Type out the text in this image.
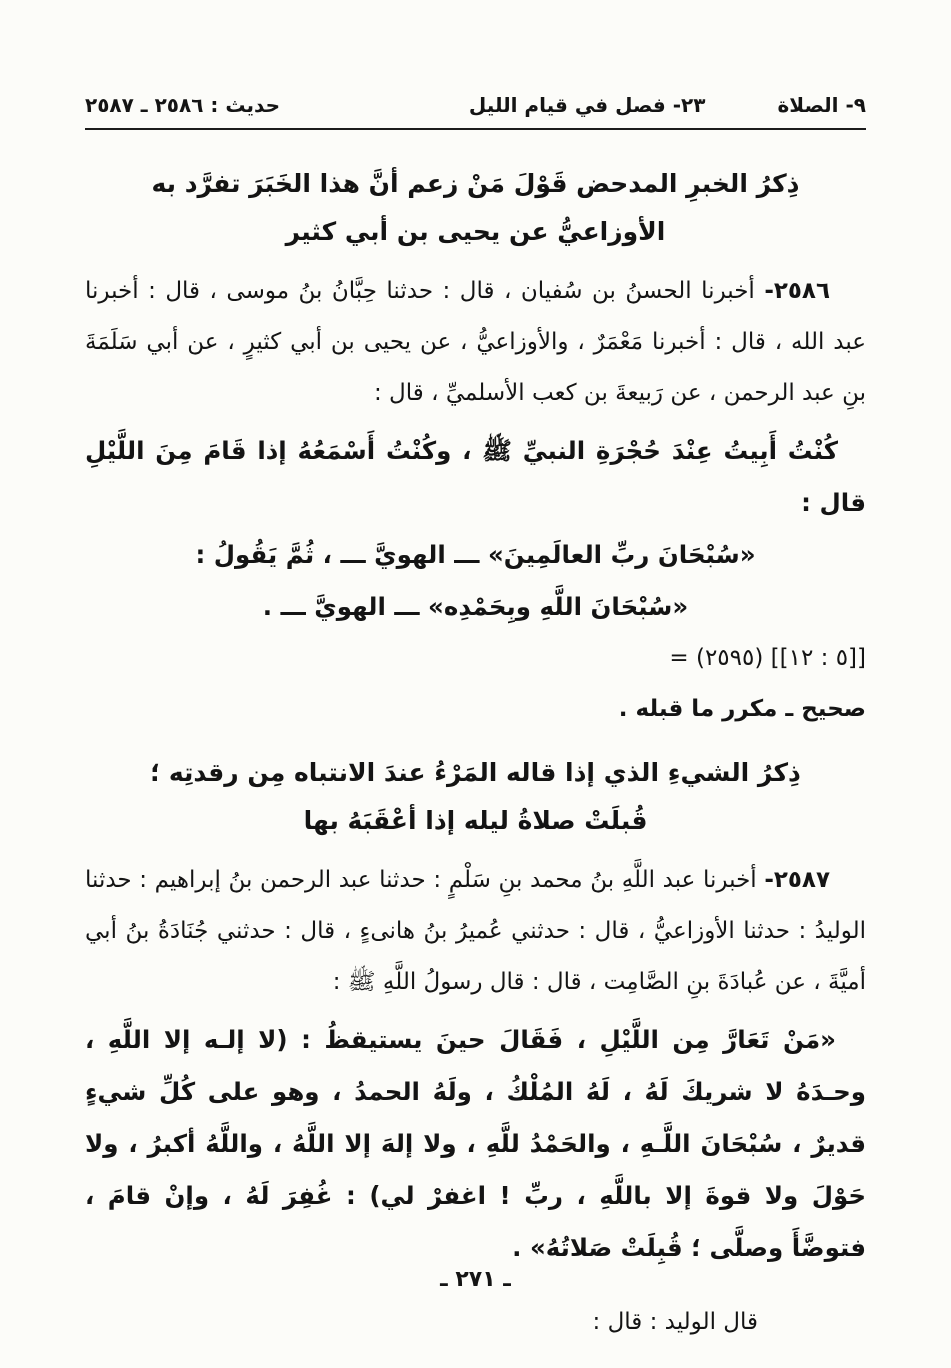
٩- الصلاة
٢٣- فصل في قيام الليل
حديث : ٢٥٨٦ ـ ٢٥٨٧
ذِكرُ الخبرِ المدحض قَوْلَ مَنْ زعم أنَّ هذا الخَبَرَ تفرَّد به
الأوزاعيُّ عن يحيى بن أبي كثير

٢٥٨٦- أخبرنا الحسنُ بن سُفيان ، قال : حدثنا حِبَّانُ بنُ موسى ، قال : أخبرنا عبد الله ، قال : أخبرنا مَعْمَرٌ ، والأوزاعيُّ ، عن يحيى بن أبي كثيرٍ ، عن أبي سَلَمَةَ بنِ عبد الرحمن ، عن رَبيعةَ بن كعب الأسلميِّ ، قال :

كُنْتُ أَبِيتُ عِنْدَ حُجْرَةِ النبيِّ ﷺ ، وكُنْتُ أَسْمَعُهُ إذا قَامَ مِنَ اللَّيْلِ قال :
«سُبْحَانَ ربِّ العالَمِينَ» ـــ الهويَّ ـــ ، ثُمَّ يَقُولُ :
«سُبْحَانَ اللَّهِ وبِحَمْدِه» ـــ الهويَّ ـــ .
[[٥ : ١٢]] (٢٥٩٥) =
صحيح ـ مكرر ما قبله .
ذِكرُ الشيءِ الذي إذا قاله المَرْءُ عندَ الانتباه مِن رقدتِه ؛
قُبلَتْ صلاةُ ليله إذا أعْقَبَهُ بها

٢٥٨٧- أخبرنا عبد اللَّهِ بنُ محمد بنِ سَلْمٍ : حدثنا عبد الرحمن بنُ إبراهيم : حدثنا الوليدُ : حدثنا الأوزاعيُّ ، قال : حدثني عُميرُ بنُ هانىءٍ ، قال : حدثني جُنَادَةُ بنُ أبي أميَّةَ ، عن عُبادَةَ بنِ الصَّامِت ، قال : قال رسولُ اللَّهِ ﷺ :

«مَنْ تَعَارَّ مِن اللَّيْلِ ، فَقَالَ حينَ يستيقظُ : (لا إلـه إلا اللَّهِ ، وحـدَهُ لا شريكَ لَهُ ، لَهُ المُلْكُ ، ولَهُ الحمدُ ، وهو على كُلِّ شيءٍ قديرٌ ، سُبْحَانَ اللَّـهِ ، والحَمْدُ للَّهِ ، ولا إلهَ إلا اللَّهُ ، واللَّهُ أكبرُ ، ولا حَوْلَ ولا قوةَ إلا باللَّهِ ، ربِّ ! اغفرْ لي) : غُفِرَ لَهُ ، وإنْ قامَ ، فتوضَّأَ وصلَّى ؛ قُبِلَتْ صَلاتُهُ» .

قال الوليد : قال :

ـ ٢٧١ ـ
